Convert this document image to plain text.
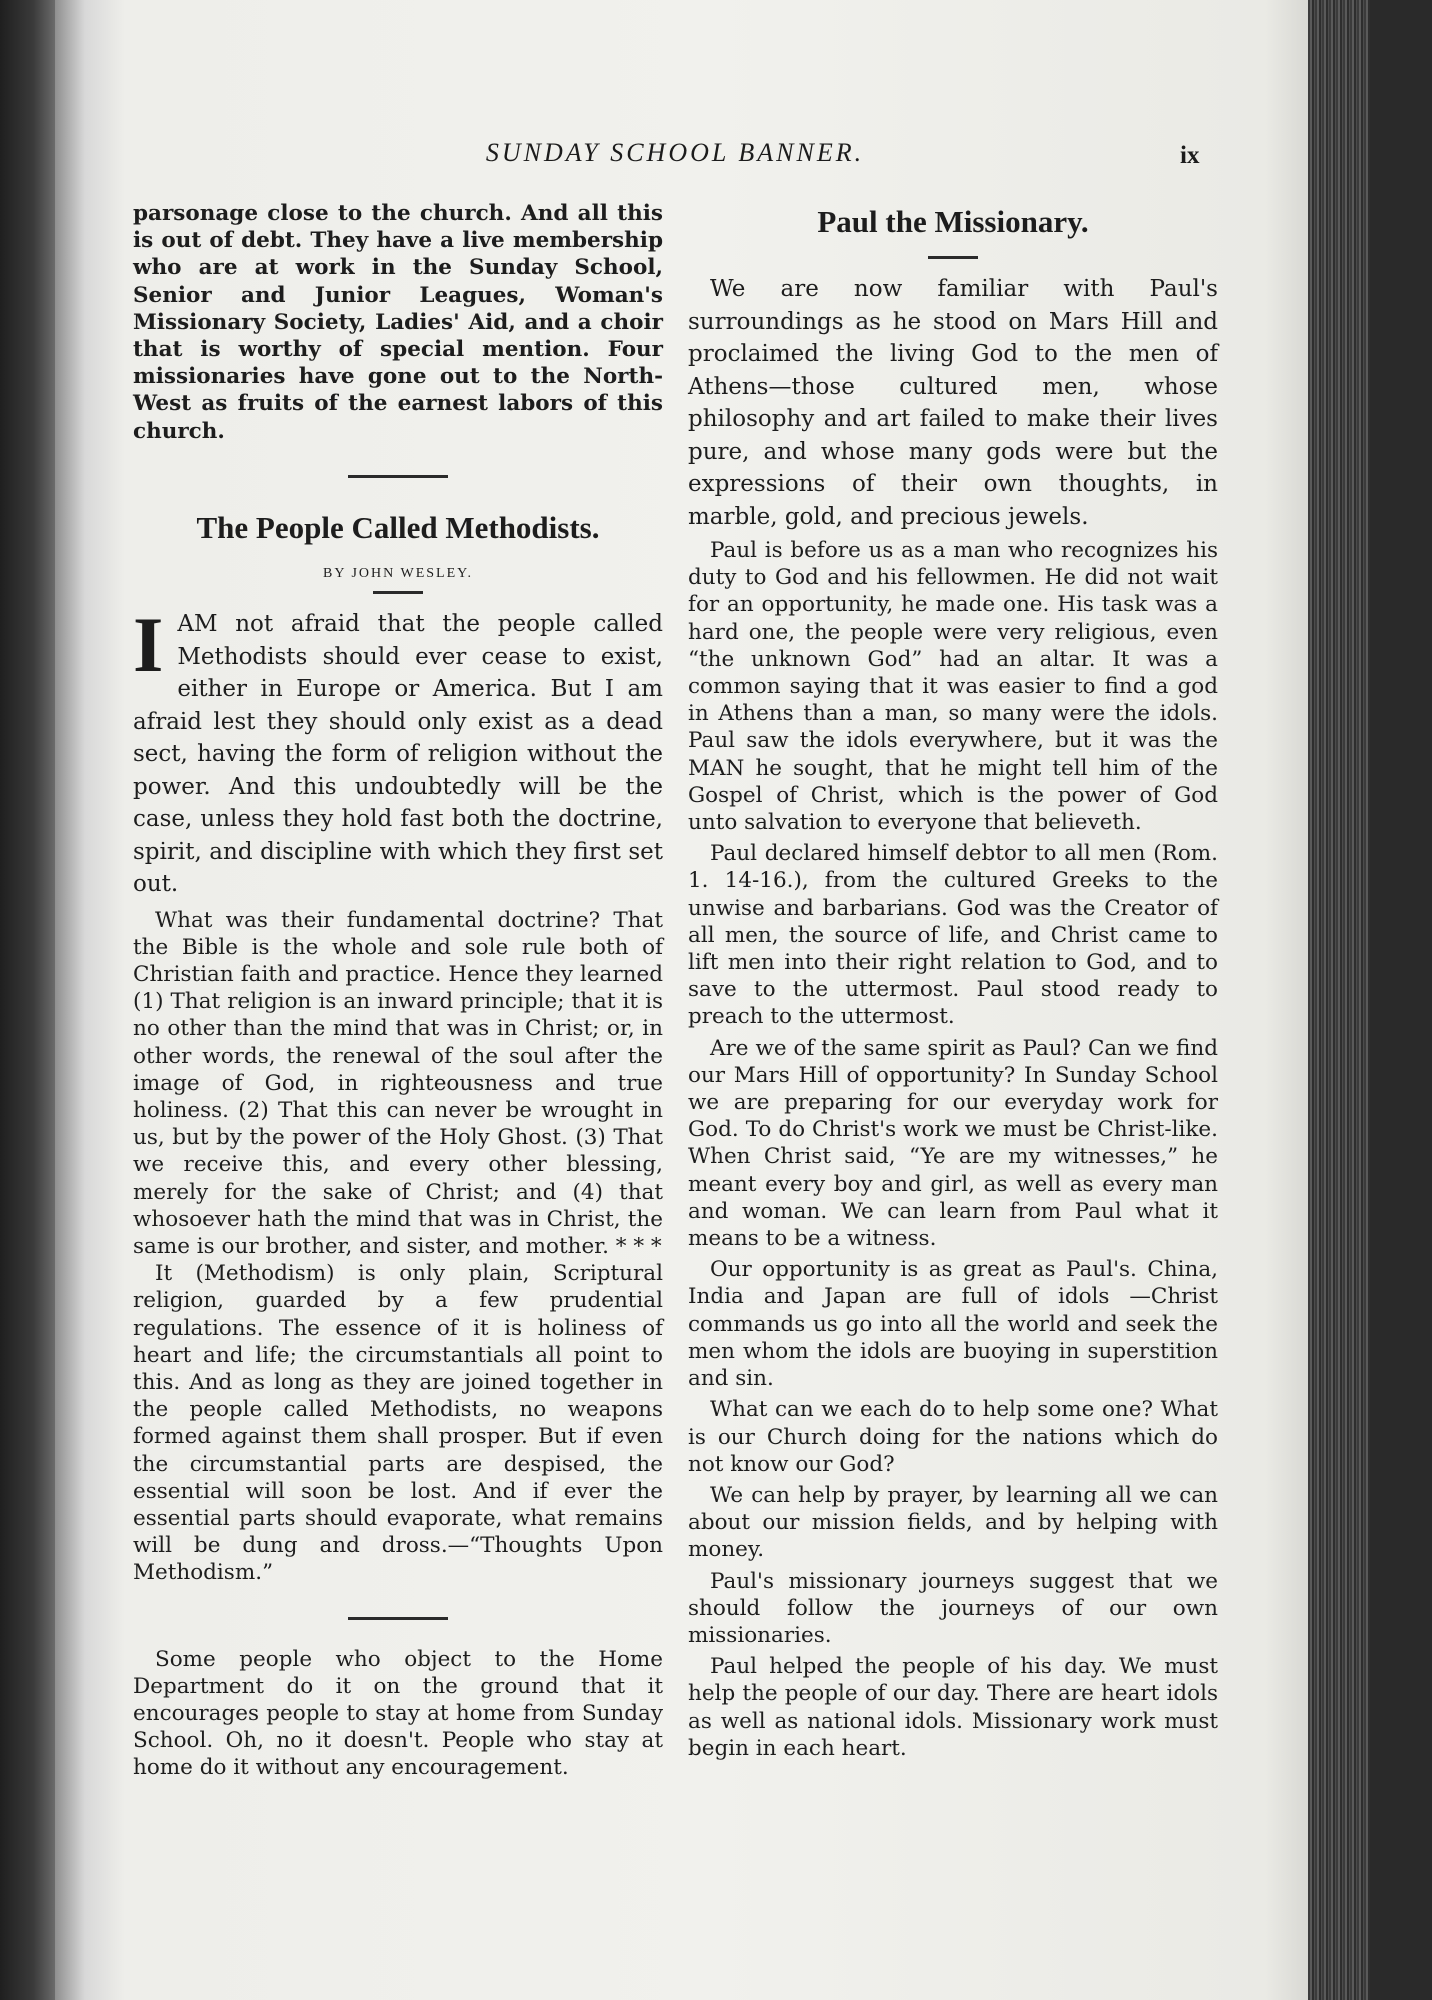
SUNDAY SCHOOL BANNER.	ix

parsonage close to the church. And all this is out of debt. They have a live membership who are at work in the Sunday School, Senior and Junior Leagues, Woman's Missionary Society, Ladies' Aid, and a choir that is worthy of special mention. Four missionaries have gone out to the North-West as fruits of the earnest labors of this church.

The People Called Methodists.
BY JOHN WESLEY.
I AM not afraid that the people called Methodists should ever cease to exist, either in Europe or America. But I am afraid lest they should only exist as a dead sect, having the form of religion without the power. And this undoubtedly will be the case, unless they hold fast both the doctrine, spirit, and discipline with which they first set out.

What was their fundamental doctrine? That the Bible is the whole and sole rule both of Christian faith and practice. Hence they learned (1) That religion is an inward principle; that it is no other than the mind that was in Christ; or, in other words, the renewal of the soul after the image of God, in righteousness and true holiness. (2) That this can never be wrought in us, but by the power of the Holy Ghost. (3) That we receive this, and every other blessing, merely for the sake of Christ; and (4) that whosoever hath the mind that was in Christ, the same is our brother, and sister, and mother. * * *

It (Methodism) is only plain, Scriptural religion, guarded by a few prudential regulations. The essence of it is holiness of heart and life; the circumstantials all point to this. And as long as they are joined together in the people called Methodists, no weapons formed against them shall prosper. But if even the circumstantial parts are despised, the essential will soon be lost. And if ever the essential parts should evaporate, what remains will be dung and dross.—“Thoughts Upon Methodism.”

Some people who object to the Home Department do it on the ground that it encourages people to stay at home from Sunday School. Oh, no it doesn't. People who stay at home do it without any encouragement.

Paul the Missionary.

We are now familiar with Paul's surroundings as he stood on Mars Hill and proclaimed the living God to the men of Athens—those cultured men, whose philosophy and art failed to make their lives pure, and whose many gods were but the expressions of their own thoughts, in marble, gold, and precious jewels.

Paul is before us as a man who recognizes his duty to God and his fellowmen. He did not wait for an opportunity, he made one. His task was a hard one, the people were very religious, even “the unknown God” had an altar. It was a common saying that it was easier to find a god in Athens than a man, so many were the idols. Paul saw the idols everywhere, but it was the MAN he sought, that he might tell him of the Gospel of Christ, which is the power of God unto salvation to everyone that believeth.

Paul declared himself debtor to all men (Rom. 1. 14-16.), from the cultured Greeks to the unwise and barbarians. God was the Creator of all men, the source of life, and Christ came to lift men into their right relation to God, and to save to the uttermost. Paul stood ready to preach to the uttermost.

Are we of the same spirit as Paul? Can we find our Mars Hill of opportunity? In Sunday School we are preparing for our everyday work for God. To do Christ's work we must be Christ-like. When Christ said, “Ye are my witnesses,” he meant every boy and girl, as well as every man and woman. We can learn from Paul what it means to be a witness.

Our opportunity is as great as Paul's. China, India and Japan are full of idols —Christ commands us go into all the world and seek the men whom the idols are buoying in superstition and sin.

What can we each do to help some one? What is our Church doing for the nations which do not know our God?

We can help by prayer, by learning all we can about our mission fields, and by helping with money.

Paul's missionary journeys suggest that we should follow the journeys of our own missionaries.

Paul helped the people of his day. We must help the people of our day. There are heart idols as well as national idols. Missionary work must begin in each heart.
